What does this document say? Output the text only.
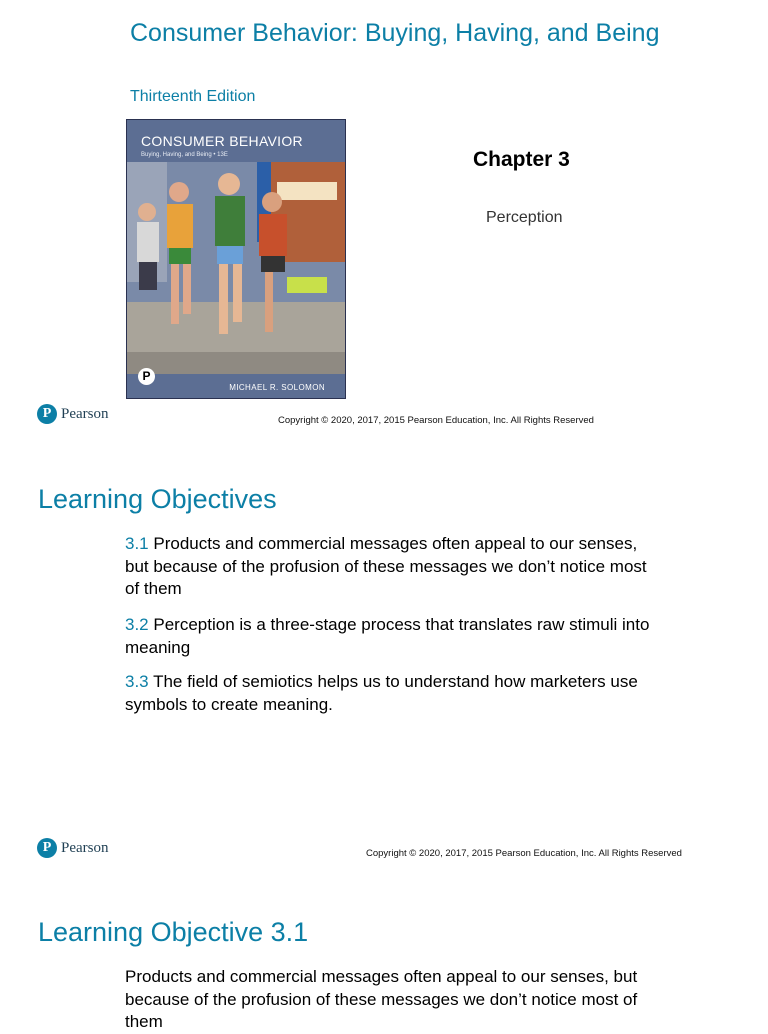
Consumer Behavior: Buying, Having, and Being
Thirteenth Edition
CONSUMER BEHAVIOR
Buying, Having, and Being • 13E
P
MICHAEL R. SOLOMON
Chapter 3
Perception
P Pearson	Copyright © 2020, 2017, 2015 Pearson Education, Inc. All Rights Reserved
Learning Objectives
3.1 Products and commercial messages often appeal to our senses, but because of the profusion of these messages we don’t notice most of them
3.2 Perception is a three-stage process that translates raw stimuli into meaning
3.3 The field of semiotics helps us to understand how marketers use symbols to create meaning.
P Pearson	Copyright © 2020, 2017, 2015 Pearson Education, Inc. All Rights Reserved
Learning Objective 3.1
Products and commercial messages often appeal to our senses, but because of the profusion of these messages we don’t notice most of them
